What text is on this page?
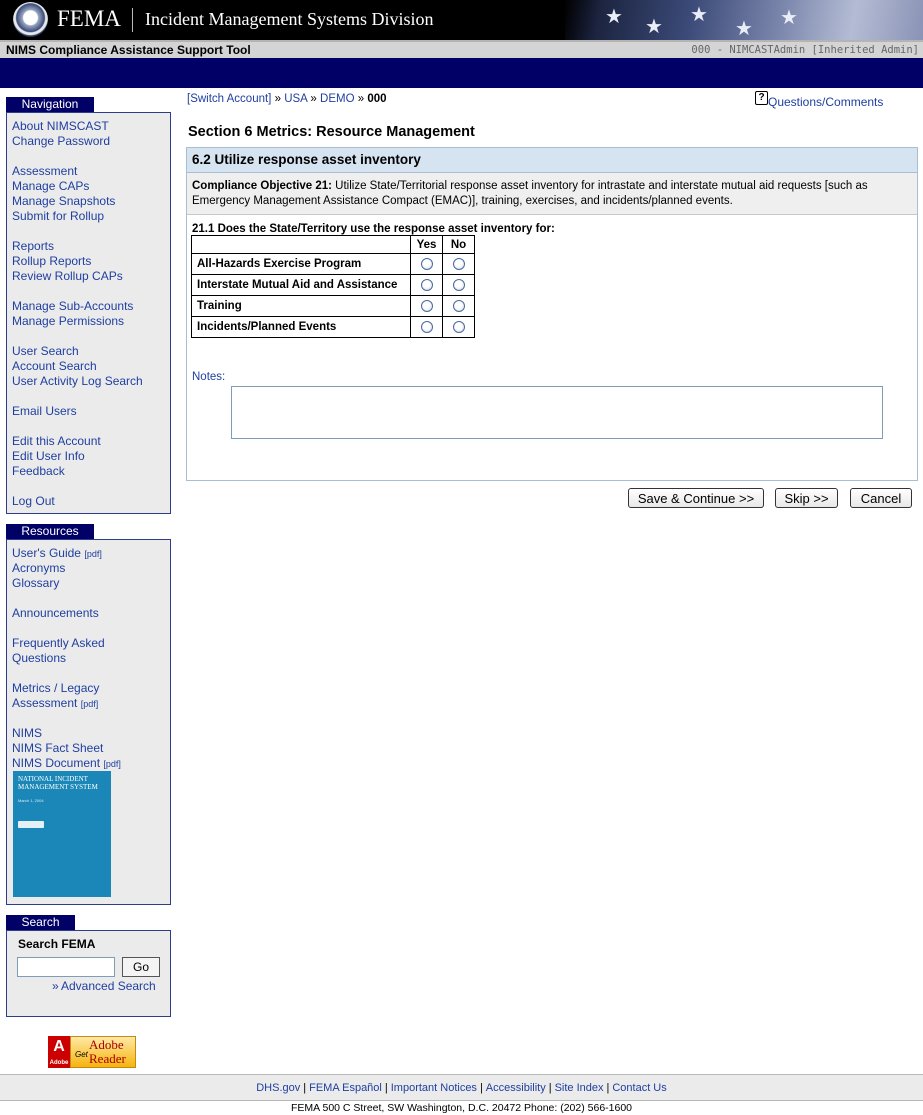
FEMA Incident Management Systems Division	★ ★
★
★ ★
NIMS Compliance Assistance Support Tool	000 - NIMCASTAdmin [Inherited Admin]
Navigation
About NIMSCAST
Change Password
Assessment
Manage CAPs
Manage Snapshots
Submit for Rollup
Reports
Rollup Reports
Review Rollup CAPs
Manage Sub-Accounts
Manage Permissions
User Search
Account Search
User Activity Log Search
Email Users
Edit this Account
Edit User Info
Feedback
Log Out
Resources
User's Guide [pdf]
Acronyms
Glossary
Announcements
Frequently Asked
Questions
Metrics / Legacy
Assessment [pdf]
NIMS
NIMS Fact Sheet
NIMS Document [pdf]
NATIONAL INCIDENT MANAGEMENT SYSTEM
March 1, 2004
Search
Search FEMA
Go
» Advanced Search
A
Adobe
Get
Adobe
Reader
[Switch Account] » USA » DEMO » 000	? Questions/Comments
Section 6 Metrics: Resource Management
6.2 Utilize response asset inventory
Compliance Objective 21: Utilize State/Territorial response asset inventory for intrastate and interstate mutual aid requests [such as Emergency Management Assistance Compact (EMAC)], training, exercises, and incidents/planned events.
21.1 Does the State/Territory use the response asset inventory for:
	Yes	No
All-Hazards Exercise Program		
Interstate Mutual Aid and Assistance		
Training		
Incidents/Planned Events		
Notes:
Save & Continue >>	Skip >>	Cancel
DHS.gov | FEMA Español | Important Notices | Accessibility | Site Index | Contact Us
FEMA 500 C Street, SW Washington, D.C. 20472 Phone: (202) 566-1600
